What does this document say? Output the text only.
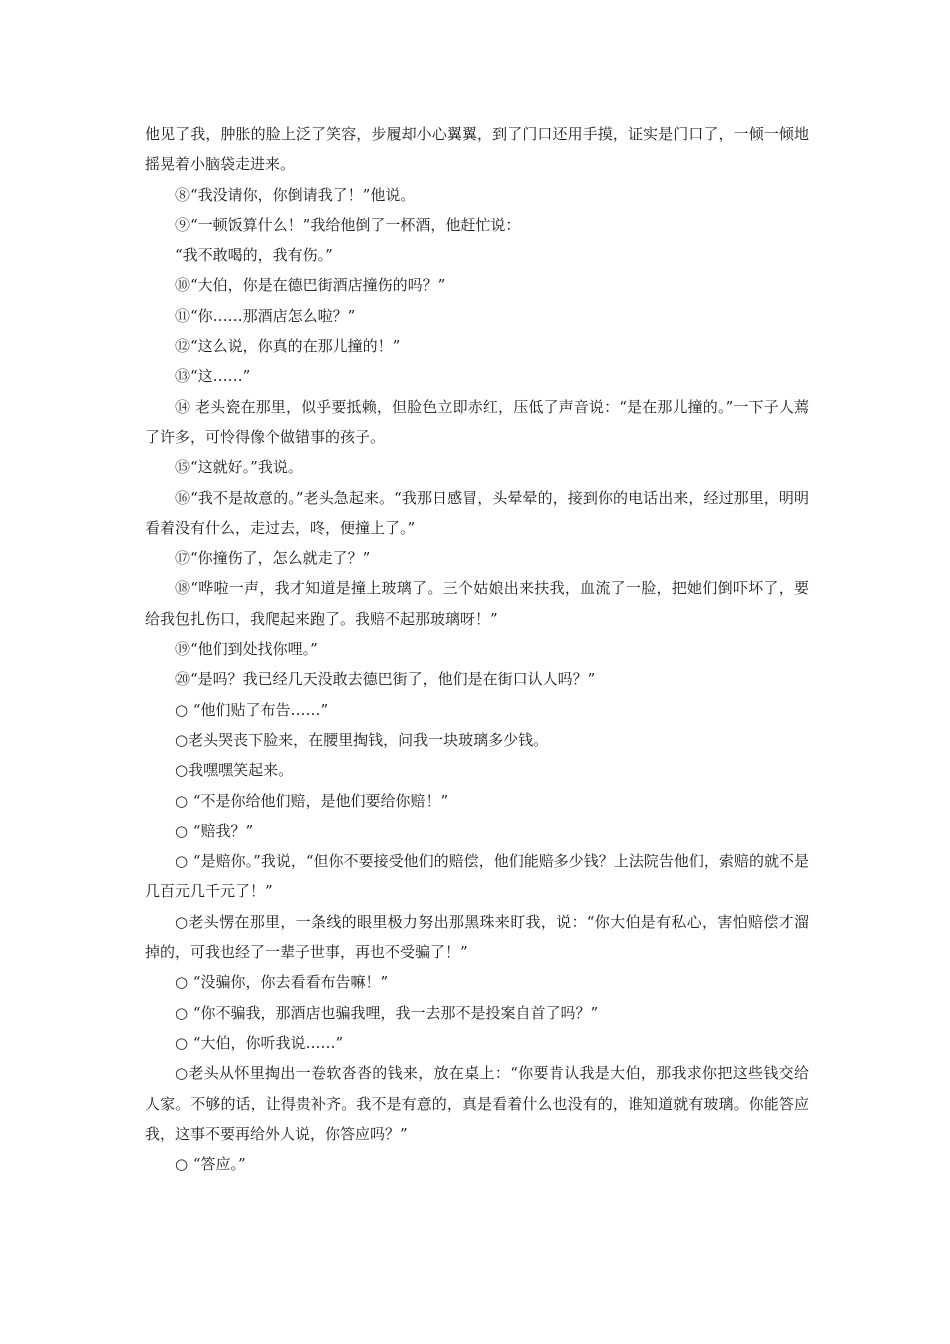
他见了我，肿胀的脸上泛了笑容，步履却小心翼翼，到了门口还用手摸，证实是门口了，一倾一倾地摇晃着小脑袋走进来。

⑧“我没请你，你倒请我了！”他说。

⑨“一顿饭算什么！”我给他倒了一杯酒，他赶忙说：

“我不敢喝的，我有伤。”

⑩“大伯，你是在德巴街酒店撞伤的吗？”

⑪“你……那酒店怎么啦？”

⑫“这么说，你真的在那儿撞的！”

⑬“这……”

⑭ 老头瓷在那里，似乎要抵赖，但脸色立即赤红，压低了声音说：“是在那儿撞的。”一下子人蔫了许多，可怜得像个做错事的孩子。

⑮“这就好。”我说。

⑯“我不是故意的。”老头急起来。“我那日感冒，头晕晕的，接到你的电话出来，经过那里，明明看着没有什么，走过去，咚，便撞上了。”

⑰“你撞伤了，怎么就走了？”

⑱“哗啦一声，我才知道是撞上玻璃了。三个姑娘出来扶我，血流了一脸，把她们倒吓坏了，要给我包扎伤口，我爬起来跑了。我赔不起那玻璃呀！”

⑲“他们到处找你哩。”

⑳“是吗？我已经几天没敢去德巴街了，他们是在街口认人吗？”

○ “他们贴了布告……”

○老头哭丧下脸来，在腰里掏钱，问我一块玻璃多少钱。

○我嘿嘿笑起来。

○ “不是你给他们赔，是他们要给你赔！”

○ “赔我？”

○ “是赔你。”我说，“但你不要接受他们的赔偿，他们能赔多少钱？上法院告他们，索赔的就不是几百元几千元了！”

○老头愣在那里，一条线的眼里极力努出那黑珠来盯我，说：“你大伯是有私心，害怕赔偿才溜掉的，可我也经了一辈子世事，再也不受骗了！”

○ “没骗你，你去看看布告嘛！”

○ “你不骗我，那酒店也骗我哩，我一去那不是投案自首了吗？”

○ “大伯，你听我说……”

○老头从怀里掏出一卷软沓沓的钱来，放在桌上：“你要肯认我是大伯，那我求你把这些钱交给人家。不够的话，让得贵补齐。我不是有意的，真是看着什么也没有的，谁知道就有玻璃。你能答应我，这事不要再给外人说，你答应吗？”

○ “答应。”
